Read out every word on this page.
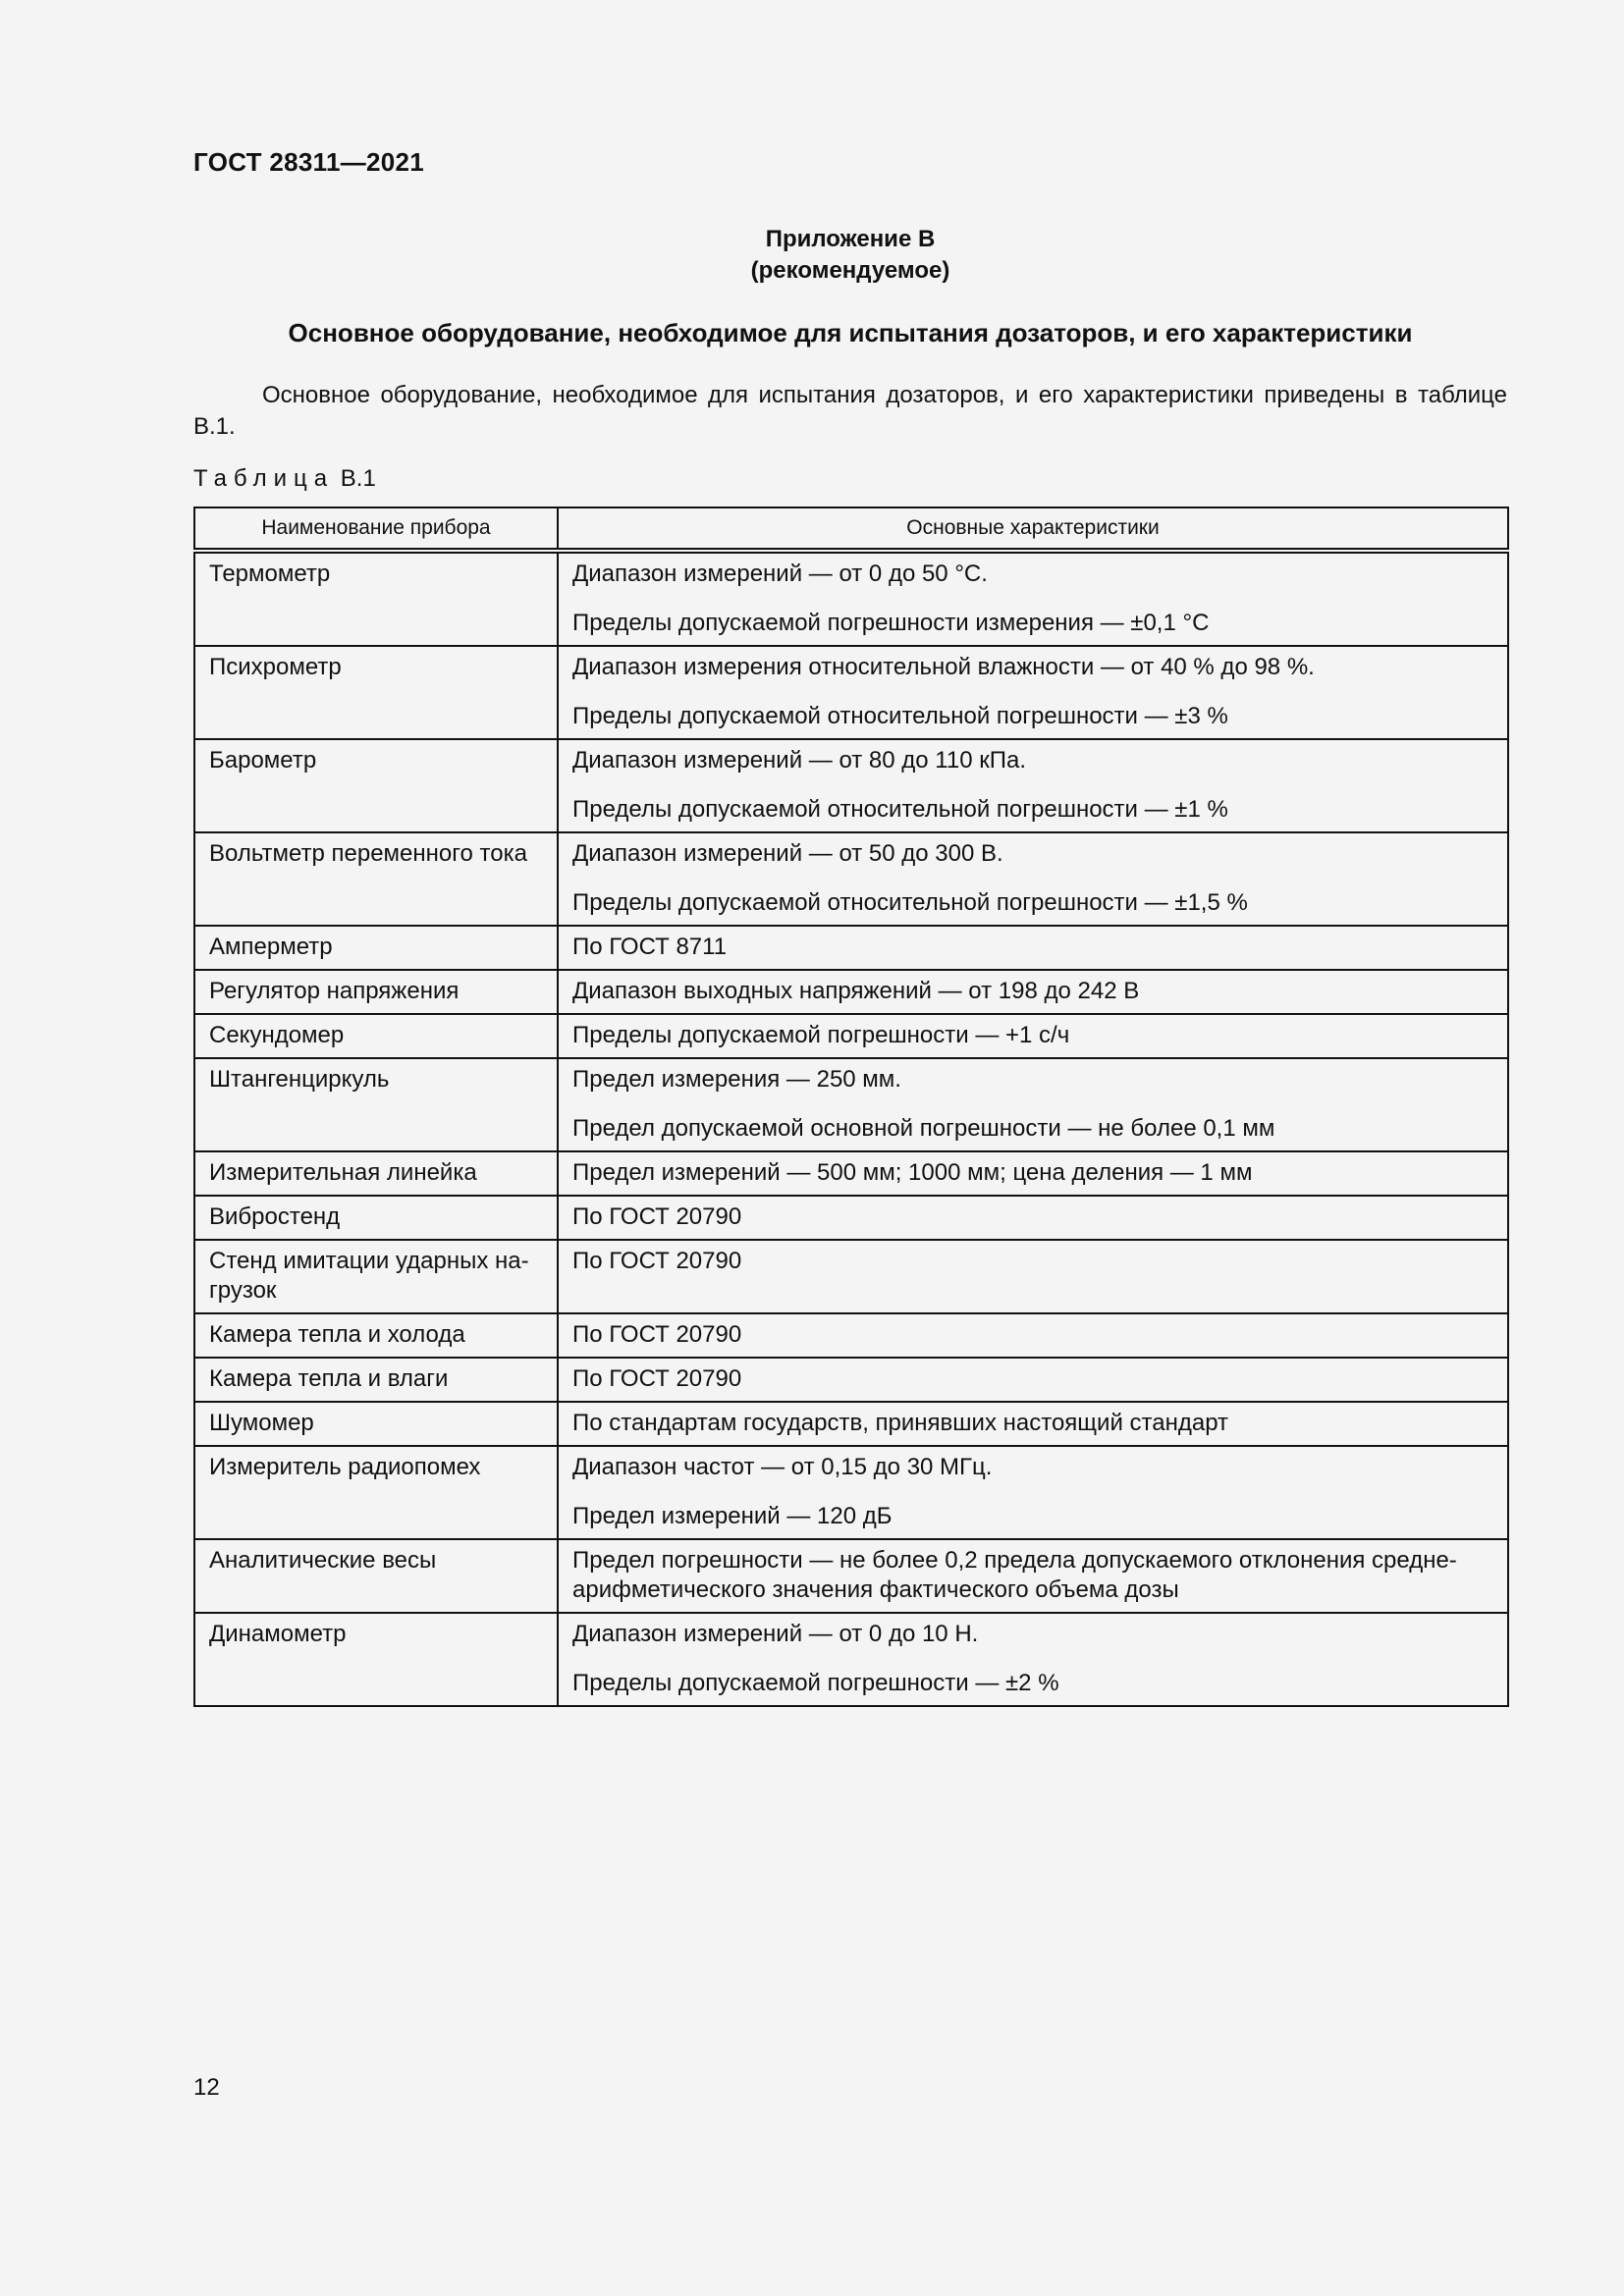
ГОСТ 28311—2021
Приложение В
(рекомендуемое)
Основное оборудование, необходимое для испытания дозаторов, и его характеристики

Основное оборудование, необходимое для испытания дозаторов, и его характеристики приведены в таблице В.1.

Таблица В.1
Наименование прибора	Основные характеристики
Термометр	Диапазон измерений — от 0 до 50 °С.
Пределы допускаемой погрешности измерения — ±0,1 °С

Психрометр	Диапазон измерения относительной влажности — от 40 % до 98 %.
Пределы допускаемой относительной погрешности — ±3 %

Барометр	Диапазон измерений — от 80 до 110 кПа.
Пределы допускаемой относительной погрешности — ±1 %

Вольтметр переменного тока	Диапазон измерений — от 50 до 300 В.
Пределы допускаемой относительной погрешности — ±1,5 %

Амперметр	По ГОСТ 8711

Регулятор напряжения	Диапазон выходных напряжений — от 198 до 242 В

Секундомер	Пределы допускаемой погрешности — +1 с/ч

Штангенциркуль	Предел измерения — 250 мм.
Предел допускаемой основной погрешности — не более 0,1 мм

Измерительная линейка	Предел измерений — 500 мм; 1000 мм; цена деления — 1 мм

Вибростенд	По ГОСТ 20790

Стенд имитации ударных на-грузок	По ГОСТ 20790

Камера тепла и холода	По ГОСТ 20790

Камера тепла и влаги	По ГОСТ 20790

Шумомер	По стандартам государств, принявших настоящий стандарт

Измеритель радиопомех	Диапазон частот — от 0,15 до 30 МГц.
Предел измерений — 120 дБ

Аналитические весы	Предел погрешности — не более 0,2 предела допускаемого отклонения средне-арифметического значения фактического объема дозы

Динамометр	Диапазон измерений — от 0 до 10 Н.
Пределы допускаемой погрешности — ±2 %
12
